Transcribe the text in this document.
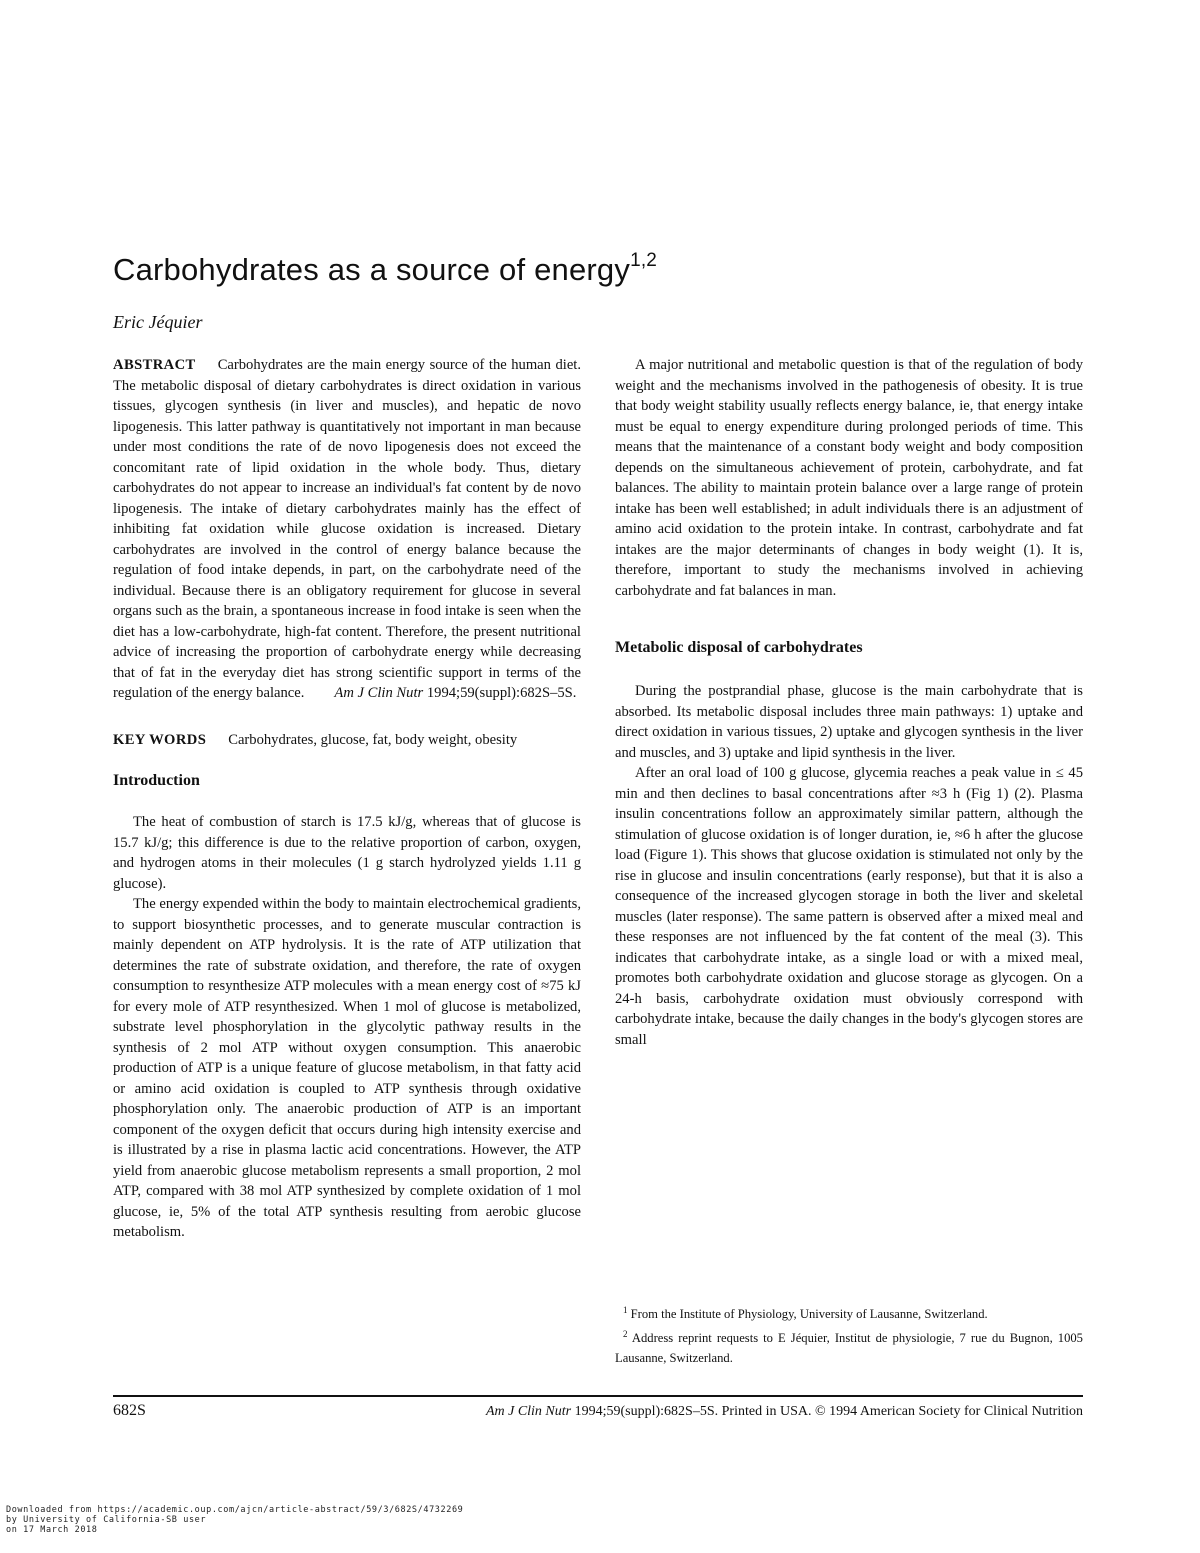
Carbohydrates as a source of energy$^{1,2}$

Eric Jéquier

ABSTRACT Carbohydrates are the main energy source of the human diet. The metabolic disposal of dietary carbohydrates is direct oxidation in various tissues, glycogen synthesis (in liver and muscles), and hepatic de novo lipogenesis. This latter pathway is quantitatively not important in man because under most conditions the rate of de novo lipogenesis does not exceed the concomitant rate of lipid oxidation in the whole body. Thus, dietary carbohydrates do not appear to increase an individual's fat content by de novo lipogenesis. The intake of dietary carbohydrates mainly has the effect of inhibiting fat oxidation while glucose oxidation is increased. Dietary carbohydrates are involved in the control of energy balance because the regulation of food intake depends, in part, on the carbohydrate need of the individual. Because there is an obligatory requirement for glucose in several organs such as the brain, a spontaneous increase in food intake is seen when the diet has a low-carbohydrate, high-fat content. Therefore, the present nutritional advice of increasing the proportion of carbohydrate energy while decreasing that of fat in the everyday diet has strong scientific support in terms of the regulation of the energy balance. Am J Clin Nutr 1994;59(suppl):682S–5S.

KEY WORDS Carbohydrates, glucose, fat, body weight, obesity

Introduction

The heat of combustion of starch is 17.5 kJ/g, whereas that of glucose is 15.7 kJ/g; this difference is due to the relative proportion of carbon, oxygen, and hydrogen atoms in their molecules (1 g starch hydrolyzed yields 1.11 g glucose).

The energy expended within the body to maintain electrochemical gradients, to support biosynthetic processes, and to generate muscular contraction is mainly dependent on ATP hydrolysis. It is the rate of ATP utilization that determines the rate of substrate oxidation, and therefore, the rate of oxygen consumption to resynthesize ATP molecules with a mean energy cost of ≈75 kJ for every mole of ATP resynthesized. When 1 mol of glucose is metabolized, substrate level phosphorylation in the glycolytic pathway results in the synthesis of 2 mol ATP without oxygen consumption. This anaerobic production of ATP is a unique feature of glucose metabolism, in that fatty acid or amino acid oxidation is coupled to ATP synthesis through oxidative phosphorylation only. The anaerobic production of ATP is an important component of the oxygen deficit that occurs during high intensity exercise and is illustrated by a rise in plasma lactic acid concentrations. However, the ATP yield from anaerobic glucose metabolism represents a small proportion, 2 mol ATP, compared with 38 mol ATP synthesized by complete oxidation of 1 mol glucose, ie, 5% of the total ATP synthesis resulting from aerobic glucose metabolism.

A major nutritional and metabolic question is that of the regulation of body weight and the mechanisms involved in the pathogenesis of obesity. It is true that body weight stability usually reflects energy balance, ie, that energy intake must be equal to energy expenditure during prolonged periods of time. This means that the maintenance of a constant body weight and body composition depends on the simultaneous achievement of protein, carbohydrate, and fat balances. The ability to maintain protein balance over a large range of protein intake has been well established; in adult individuals there is an adjustment of amino acid oxidation to the protein intake. In contrast, carbohydrate and fat intakes are the major determinants of changes in body weight (1). It is, therefore, important to study the mechanisms involved in achieving carbohydrate and fat balances in man.

Metabolic disposal of carbohydrates

During the postprandial phase, glucose is the main carbohydrate that is absorbed. Its metabolic disposal includes three main pathways: 1) uptake and direct oxidation in various tissues, 2) uptake and glycogen synthesis in the liver and muscles, and 3) uptake and lipid synthesis in the liver.

After an oral load of 100 g glucose, glycemia reaches a peak value in ≤ 45 min and then declines to basal concentrations after ≈3 h (Fig 1) (2). Plasma insulin concentrations follow an approximately similar pattern, although the stimulation of glucose oxidation is of longer duration, ie, ≈6 h after the glucose load (Figure 1). This shows that glucose oxidation is stimulated not only by the rise in glucose and insulin concentrations (early response), but that it is also a consequence of the increased glycogen storage in both the liver and skeletal muscles (later response). The same pattern is observed after a mixed meal and these responses are not influenced by the fat content of the meal (3). This indicates that carbohydrate intake, as a single load or with a mixed meal, promotes both carbohydrate oxidation and glucose storage as glycogen. On a 24-h basis, carbohydrate oxidation must obviously correspond with carbohydrate intake, because the daily changes in the body's glycogen stores are small

$^1$ From the Institute of Physiology, University of Lausanne, Switzerland.

$^2$ Address reprint requests to E Jéquier, Institut de physiologie, 7 rue du Bugnon, 1005 Lausanne, Switzerland.

682S	Am J Clin Nutr 1994;59(suppl):682S–5S. Printed in USA. © 1994 American Society for Clinical Nutrition
Downloaded from https://academic.oup.com/ajcn/article-abstract/59/3/682S/4732269
by University of California-SB user
on 17 March 2018
